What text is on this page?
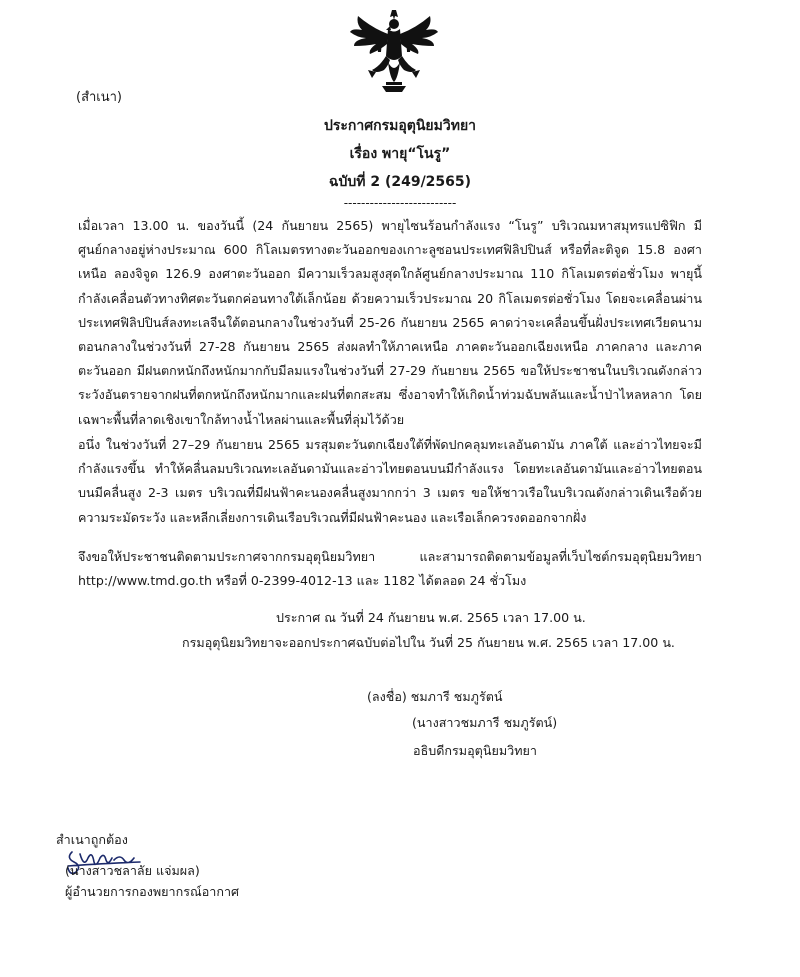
(สำเนา)
ประกาศกรมอุตุนิยมวิทยา
เรื่อง พายุ“โนรู”
ฉบับที่ 2 (249/2565)
--------------------------

เมื่อเวลา 13.00 น. ของวันนี้ (24 กันยายน 2565) พายุไซนร้อนกำลังแรง “โนรู” บริเวณมหาสมุทรแปซิฟิก มีศูนย์กลางอยู่ห่างประมาณ 600 กิโลเมตรทางตะวันออกของเกาะลูซอนประเทศฟิลิปปินส์ หรือที่ละติจูด 15.8 องศาเหนือ ลองจิจูด 126.9 องศาตะวันออก มีความเร็วลมสูงสุดใกล้ศูนย์กลางประมาณ 110 กิโลเมตรต่อชั่วโมง พายุนี้กำลังเคลื่อนตัวทางทิศตะวันตกค่อนทางใต้เล็กน้อย ด้วยความเร็วประมาณ 20 กิโลเมตรต่อชั่วโมง โดยจะเคลื่อนผ่านประเทศฟิลิปปินส์ลงทะเลจีนใต้ตอนกลางในช่วงวันที่ 25-26 กันยายน 2565 คาดว่าจะเคลื่อนขึ้นฝั่งประเทศเวียดนามตอนกลางในช่วงวันที่ 27-28 กันยายน 2565 ส่งผลทำให้ภาคเหนือ ภาคตะวันออกเฉียงเหนือ ภาคกลาง และภาคตะวันออก มีฝนตกหนักถึงหนักมากกับมีลมแรงในช่วงวันที่ 27-29 กันยายน 2565 ขอให้ประชาชนในบริเวณดังกล่าวระวังอันตรายจากฝนที่ตกหนักถึงหนักมากและฝนที่ตกสะสม ซึ่งอาจทำให้เกิดน้ำท่วมฉับพลันและน้ำป่าไหลหลาก โดยเฉพาะพื้นที่ลาดเชิงเขาใกล้ทางน้ำไหลผ่านและพื้นที่ลุ่มไว้ด้วย

อนึ่ง ในช่วงวันที่ 27–29 กันยายน 2565 มรสุมตะวันตกเฉียงใต้ที่พัดปกคลุมทะเลอันดามัน ภาคใต้ และอ่าวไทยจะมีกำลังแรงขึ้น ทำให้คลื่นลมบริเวณทะเลอันดามันและอ่าวไทยตอนบนมีกำลังแรง โดยทะเลอันดามันและอ่าวไทยตอนบนมีคลื่นสูง 2-3 เมตร บริเวณที่มีฝนฟ้าคะนองคลื่นสูงมากกว่า 3 เมตร ขอให้ชาวเรือในบริเวณดังกล่าวเดินเรือด้วยความระมัดระวัง และหลีกเลี่ยงการเดินเรือบริเวณที่มีฝนฟ้าคะนอง และเรือเล็กควรงดออกจากฝั่ง

จึงขอให้ประชาชนติดตามประกาศจากกรมอุตุนิยมวิทยา และสามารถติดตามข้อมูลที่เว็บไซต์กรมอุตุนิยมวิทยา http://www.tmd.go.th หรือที่ 0-2399-4012-13 และ 1182 ได้ตลอด 24 ชั่วโมง

ประกาศ ณ วันที่ 24 กันยายน พ.ศ. 2565 เวลา 17.00 น.
กรมอุตุนิยมวิทยาจะออกประกาศฉบับต่อไปใน วันที่ 25 กันยายน พ.ศ. 2565 เวลา 17.00 น.
(ลงชื่อ) ชมภารี ชมภูรัตน์
(นางสาวชมภารี ชมภูรัตน์)
อธิบดีกรมอุตุนิยมวิทยา
สำเนาถูกต้อง
(นางสาวชลาลัย แจ่มผล)
ผู้อำนวยการกองพยากรณ์อากาศ
